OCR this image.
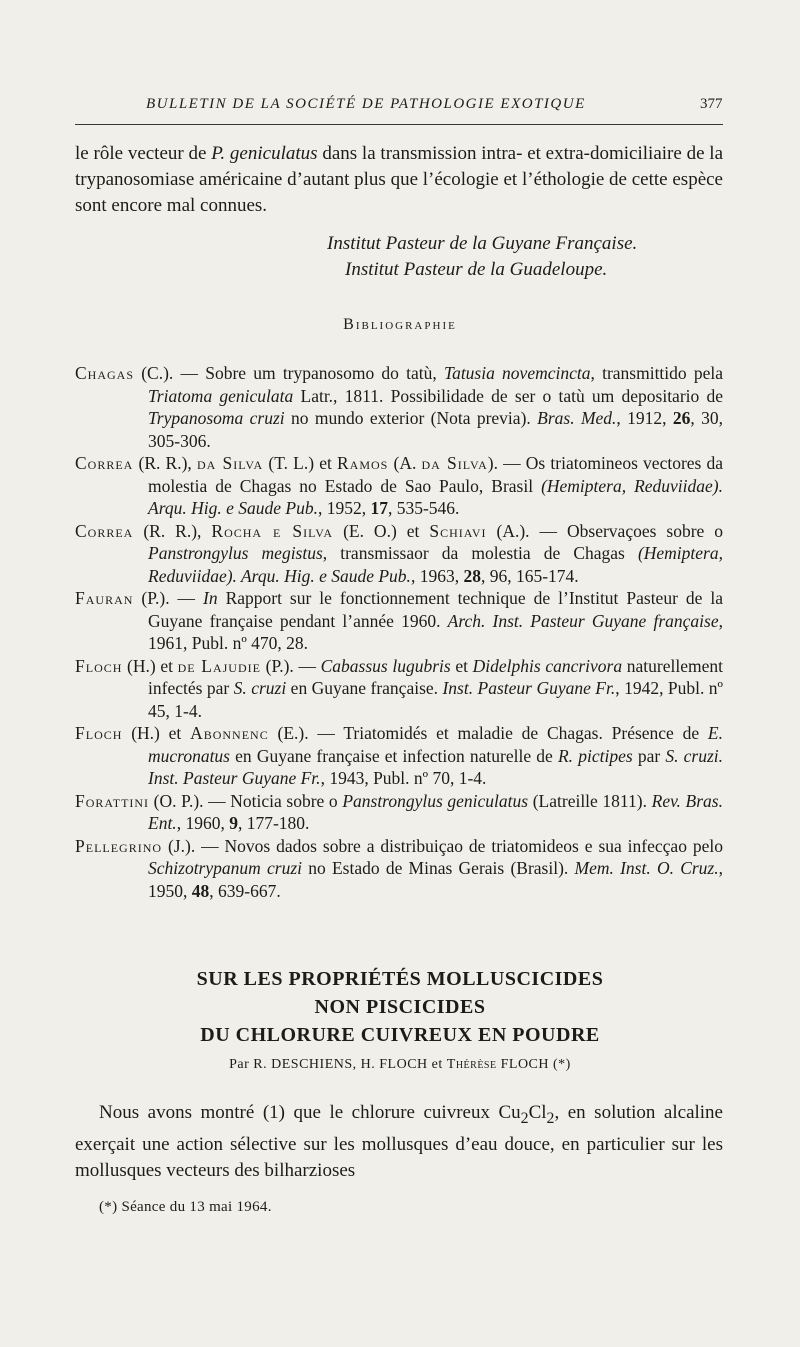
BULLETIN DE LA SOCIÉTÉ DE PATHOLOGIE EXOTIQUE	377
le rôle vecteur de P. geniculatus dans la transmission intra- et extra-domiciliaire de la trypanosomiase américaine d’autant plus que l’écologie et l’éthologie de cette espèce sont encore mal connues.
Institut Pasteur de la Guyane Française.
Institut Pasteur de la Guadeloupe.
Bibliographie
Chagas (C.). — Sobre um trypanosomo do tatù, Tatusia novemcincta, transmittido pela Triatoma geniculata Latr., 1811. Possibilidade de ser o tatù um depositario de Trypanosoma cruzi no mundo exterior (Nota previa). Bras. Med., 1912, 26, 30, 305-306.
Correa (R. R.), da Silva (T. L.) et Ramos (A. da Silva). — Os triatomineos vectores da molestia de Chagas no Estado de Sao Paulo, Brasil (Hemiptera, Reduviidae). Arqu. Hig. e Saude Pub., 1952, 17, 535-546.
Correa (R. R.), Rocha e Silva (E. O.) et Schiavi (A.). — Observaçoes sobre o Panstrongylus megistus, transmissaor da molestia de Chagas (Hemiptera, Reduviidae). Arqu. Hig. e Saude Pub., 1963, 28, 96, 165-174.
Fauran (P.). — In Rapport sur le fonctionnement technique de l’Institut Pasteur de la Guyane française pendant l’année 1960. Arch. Inst. Pasteur Guyane française, 1961, Publ. nº 470, 28.
Floch (H.) et de Lajudie (P.). — Cabassus lugubris et Didelphis cancrivora naturellement infectés par S. cruzi en Guyane française. Inst. Pasteur Guyane Fr., 1942, Publ. nº 45, 1-4.
Floch (H.) et Abonnenc (E.). — Triatomidés et maladie de Chagas. Présence de E. mucronatus en Guyane française et infection naturelle de R. pictipes par S. cruzi. Inst. Pasteur Guyane Fr., 1943, Publ. nº 70, 1-4.
Forattini (O. P.). — Noticia sobre o Panstrongylus geniculatus (Latreille 1811). Rev. Bras. Ent., 1960, 9, 177-180.
Pellegrino (J.). — Novos dados sobre a distribuiçao de triatomideos e sua infecçao pelo Schizotrypanum cruzi no Estado de Minas Gerais (Brasil). Mem. Inst. O. Cruz., 1950, 48, 639-667.
SUR LES PROPRIÉTÉS MOLLUSCICIDES
NON PISCICIDES
DU CHLORURE CUIVREUX EN POUDRE
Par R. DESCHIENS, H. FLOCH et Thérèse FLOCH (*)
Nous avons montré (1) que le chlorure cuivreux $Cu_2Cl_2$, en solution alcaline exerçait une action sélective sur les mollusques d’eau douce, en particulier sur les mollusques vecteurs des bilharzioses
(*) Séance du 13 mai 1964.
